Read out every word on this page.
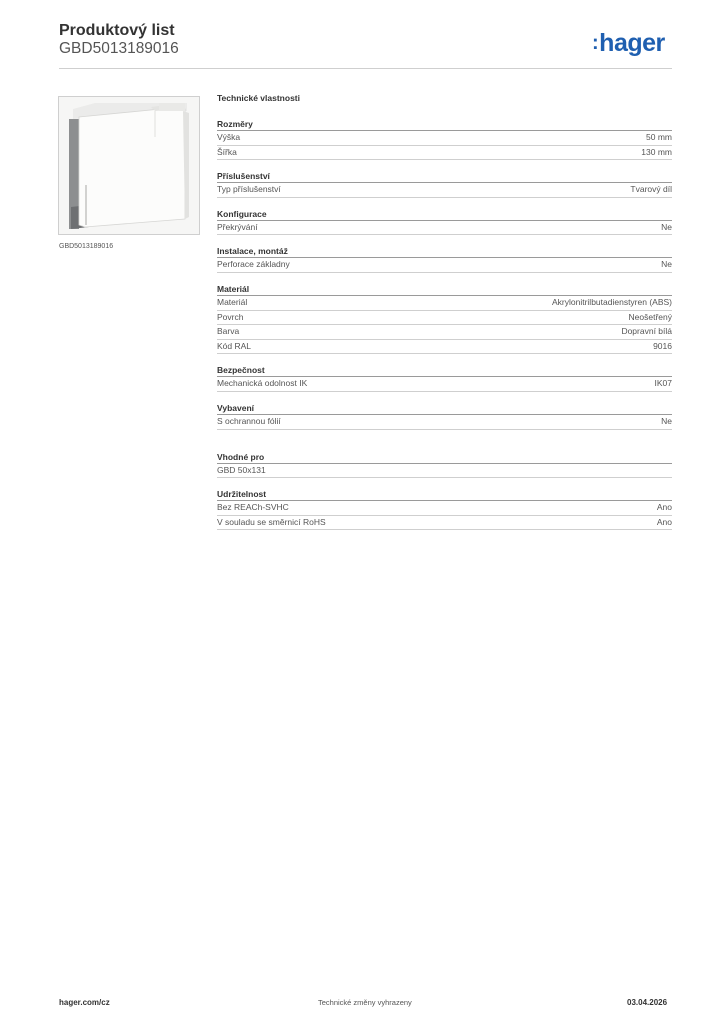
Produktový list
GBD5013189016	:hager
GBD5013189016
Technické vlastnosti
Rozměry
Výška	50 mm
Šířka	130 mm
Příslušenství
Typ příslušenství	Tvarový díl
Konfigurace
Překrývání	Ne
Instalace, montáž
Perforace základny	Ne
Materiál
Materiál	Akrylonitrilbutadienstyren (ABS)
Povrch	Neošetřený
Barva	Dopravní bílá
Kód RAL	9016
Bezpečnost
Mechanická odolnost IK	IK07
Vybavení
S ochrannou fólií	Ne
Vhodné pro
GBD 50x131
Udržitelnost
Bez REACh-SVHC	Ano
V souladu se směrnicí RoHS	Ano
hager.com/cz	Technické změny vyhrazeny	03.04.2026
